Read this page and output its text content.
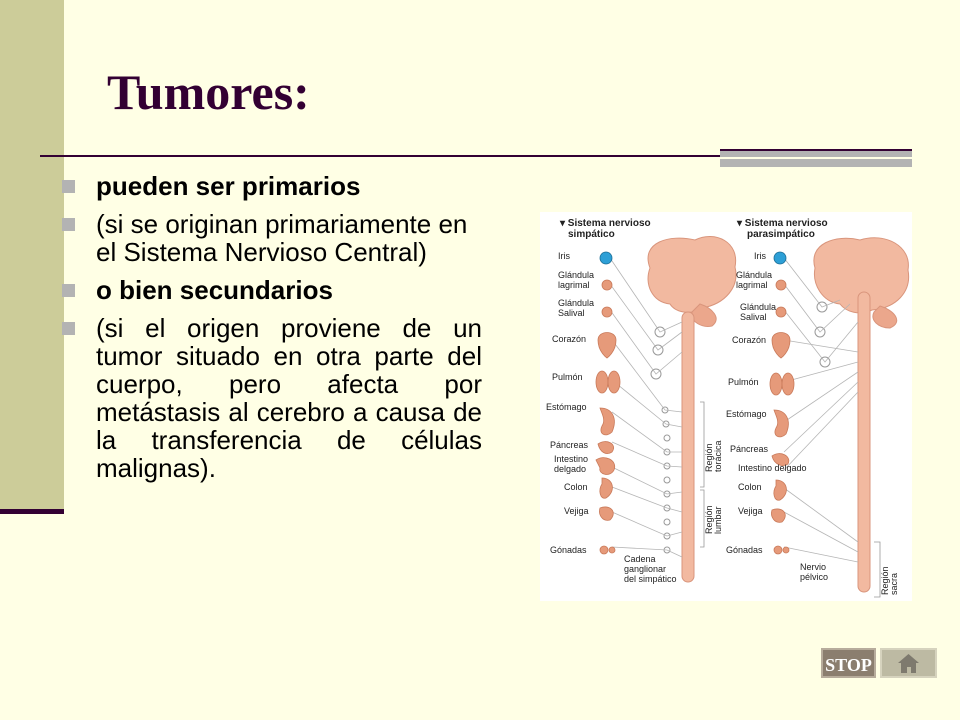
Tumores:
pueden ser primarios
(si se originan primariamente en el Sistema Nervioso Central)
o bien secundarios
(si el origen proviene de un tumor situado en otra parte del cuerpo, pero afecta por metástasis al cerebro a causa de la transferencia de células malignas).
▾ Sistema nervioso
simpático
▾ Sistema nervioso
parasimpático
Iris
Glándula
lagrimal
Glándula
Salival
Corazón
Pulmón
Estómago
Páncreas
Intestino
delgado
Colon
Vejiga
Gónadas
Iris
Glándula
lagrimal
Glándula
Salival
Corazón
Pulmón
Estómago
Páncreas
Intestino delgado
Colon
Vejiga
Gónadas
Cadena
ganglionar
del simpático
Región torácica
Región lumbar
Nervio
pélvico	Región sacra
STOP
